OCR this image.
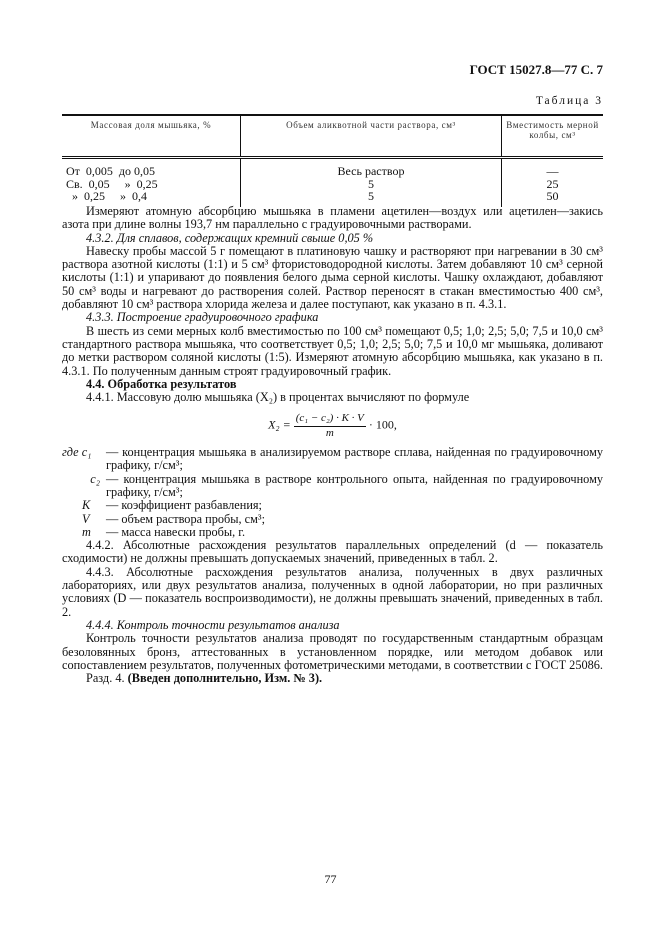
ГОСТ 15027.8—77 С. 7
Таблица 3
Массовая доля мышьяка, %	Объем аликвотной части раствора, см³	Вместимость мерной колбы, см³
От  0,005  до 0,05	Весь раствор	—
Св.  0,05     »  0,25	5	25
»  0,25     »  0,4	5	50

Измеряют атомную абсорбцию мышьяка в пламени ацетилен—воздух или ацетилен—закись азота при длине волны 193,7 нм параллельно с градуировочными растворами.

4.3.2. Для сплавов, содержащих кремний свыше 0,05 %

Навеску пробы массой 5 г помещают в платиновую чашку и растворяют при нагревании в 30 см³ раствора азотной кислоты (1:1) и 5 см³ фтористоводородной кислоты. Затем добавляют 10 см³ серной кислоты (1:1) и упаривают до появления белого дыма серной кислоты. Чашку охлаждают, добавляют 50 см³ воды и нагревают до растворения солей. Раствор переносят в стакан вместимостью 400 см³, добавляют 10 см³ раствора хлорида железа и далее поступают, как указано в п. 4.3.1.

4.3.3. Построение градуировочного графика

В шесть из семи мерных колб вместимостью по 100 см³ помещают 0,5; 1,0; 2,5; 5,0; 7,5 и 10,0 см³ стандартного раствора мышьяка, что соответствует 0,5; 1,0; 2,5; 5,0; 7,5 и 10,0 мг мышьяка, доливают до метки раствором соляной кислоты (1:5). Измеряют атомную абсорбцию мышьяка, как указано в п. 4.3.1. По полученным данным строят градуировочный график.

4.4. Обработка результатов

4.4.1. Массовую долю мышьяка (X₂) в процентах вычисляют по формуле

$X_2 = \frac{\text{(c₁ − c₂) · K · V}}{m} \cdot 100$,
где c₁	— концентрация мышьяка в анализируемом растворе сплава, найденная по градуировочному графику, г/см³;
c₂ — концентрация мышьяка в растворе контрольного опыта, найденная по градуировочному графику, г/см³;
K	— коэффициент разбавления;
V	— объем раствора пробы, см³;
m	— масса навески пробы, г.

4.4.2. Абсолютные расхождения результатов параллельных определений (d — показатель сходимости) не должны превышать допускаемых значений, приведенных в табл. 2.

4.4.3. Абсолютные расхождения результатов анализа, полученных в двух различных лабораториях, или двух результатов анализа, полученных в одной лаборатории, но при различных условиях (D — показатель воспроизводимости), не должны превышать значений, приведенных в табл. 2.

4.4.4. Контроль точности результатов анализа

Контроль точности результатов анализа проводят по государственным стандартным образцам безоловянных бронз, аттестованных в установленном порядке, или методом добавок или сопоставлением результатов, полученных фотометрическими методами, в соответствии с ГОСТ 25086.

Разд. 4. (Введен дополнительно, Изм. № 3).

77
